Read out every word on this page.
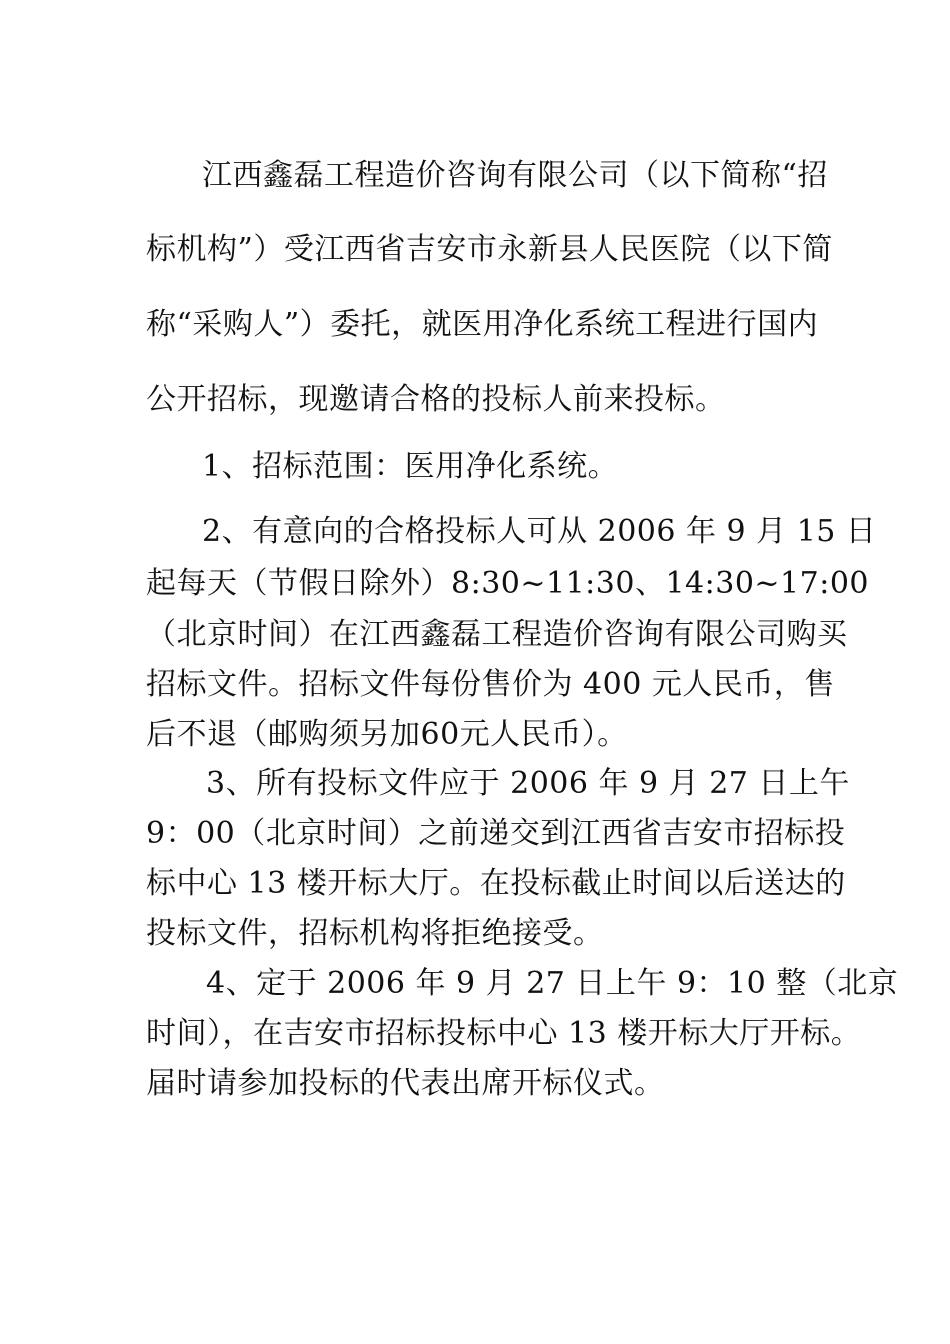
江西鑫磊工程造价咨询有限公司（以下简称“招
标机构”）受江西省吉安市永新县人民医院（以下简
称“采购人”）委托，就医用净化系统工程进行国内
公开招标，现邀请合格的投标人前来投标。
1、招标范围：医用净化系统。
2、有意向的合格投标人可从 2006 年 9 月 15 日
起每天（节假日除外）8:30~11:30、14:30~17:00
（北京时间）在江西鑫磊工程造价咨询有限公司购买
招标文件。招标文件每份售价为 400 元人民币，售
后不退（邮购须另加60元人民币）。
3、所有投标文件应于 2006 年 9 月 27 日上午
9：00（北京时间）之前递交到江西省吉安市招标投
标中心 13 楼开标大厅。在投标截止时间以后送达的
投标文件，招标机构将拒绝接受。
4、定于 2006 年 9 月 27 日上午 9：10 整（北京
时间），在吉安市招标投标中心 13 楼开标大厅开标。
届时请参加投标的代表出席开标仪式。
